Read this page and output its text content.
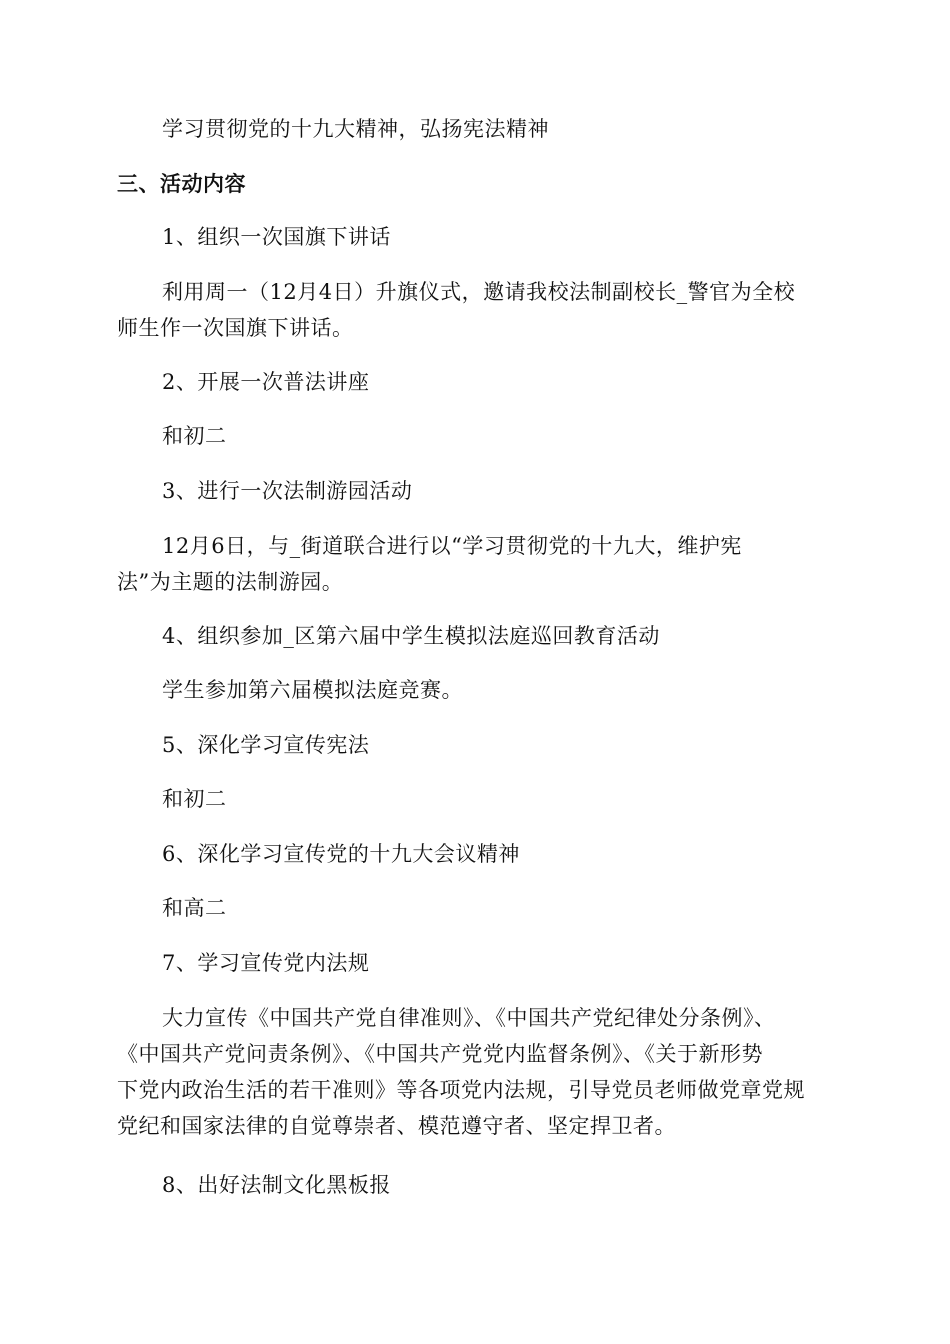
学习贯彻党的十九大精神，弘扬宪法精神
三、活动内容
1、组织一次国旗下讲话
利用周一（12月4日）升旗仪式，邀请我校法制副校长_警官为全校
师生作一次国旗下讲话。
2、开展一次普法讲座
和初二
3、进行一次法制游园活动
12月6日，与_街道联合进行以“学习贯彻党的十九大，维护宪
法”为主题的法制游园。
4、组织参加_区第六届中学生模拟法庭巡回教育活动
学生参加第六届模拟法庭竞赛。
5、深化学习宣传宪法
和初二
6、深化学习宣传党的十九大会议精神
和高二
7、学习宣传党内法规
大力宣传《中国共产党自律准则》、《中国共产党纪律处分条例》、
《中国共产党问责条例》、《中国共产党党内监督条例》、《关于新形势
下党内政治生活的若干准则》等各项党内法规，引导党员老师做党章党规
党纪和国家法律的自觉尊崇者、模范遵守者、坚定捍卫者。
8、出好法制文化黑板报
